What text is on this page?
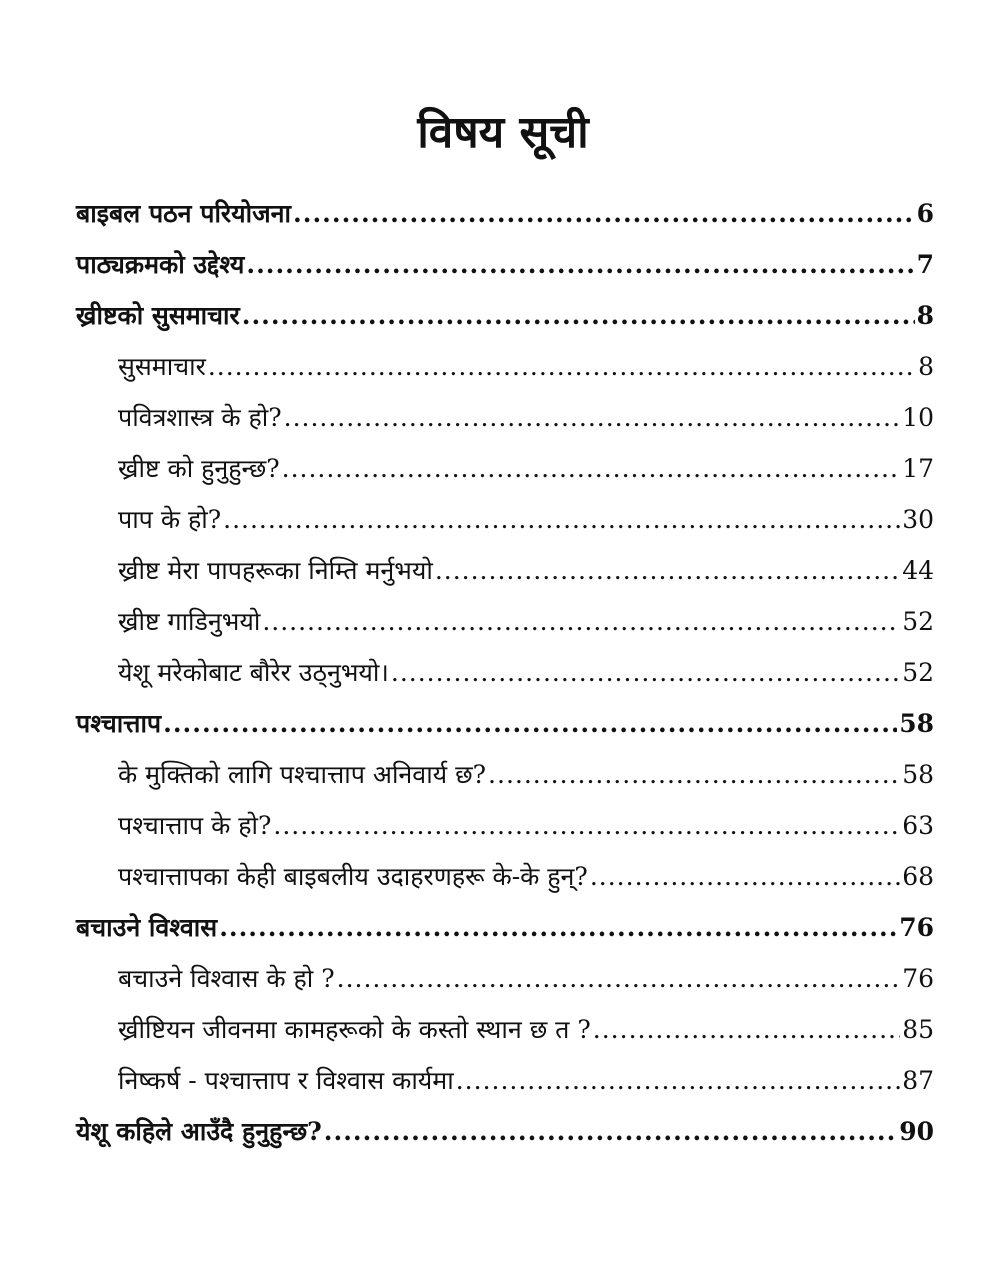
विषय सूची
बाइबल पठन परियोजना .....	6
पाठ्यक्रमको उद्देश्य .....	7
ख्रीष्टको सुसमाचार .....	8
सुसमाचार .....	8
पवित्रशास्त्र के हो? .....	10
ख्रीष्ट को हुनुहुन्छ? .....	17
पाप के हो? .....	30
ख्रीष्ट मेरा पापहरूका निम्ति मर्नुभयो .....	44
ख्रीष्ट गाडिनुभयो .....	52
येशू मरेकोबाट बौरेर उठ्नुभयो। .....	52
पश्चात्ताप .....	58
के मुक्तिको लागि पश्चात्ताप अनिवार्य छ? .....	58
पश्चात्ताप के हो? .....	63
पश्चात्तापका केही बाइबलीय उदाहरणहरू के-के हुन्? .....	68
बचाउने विश्वास .....	76
बचाउने विश्वास के हो ? .....	76
ख्रीष्टियन जीवनमा कामहरूको के कस्तो स्थान छ त ? .....	85
निष्कर्ष - पश्चात्ताप र विश्वास कार्यमा .....	87
येशू कहिले आउँदै हुनुहुन्छ? .....	90
